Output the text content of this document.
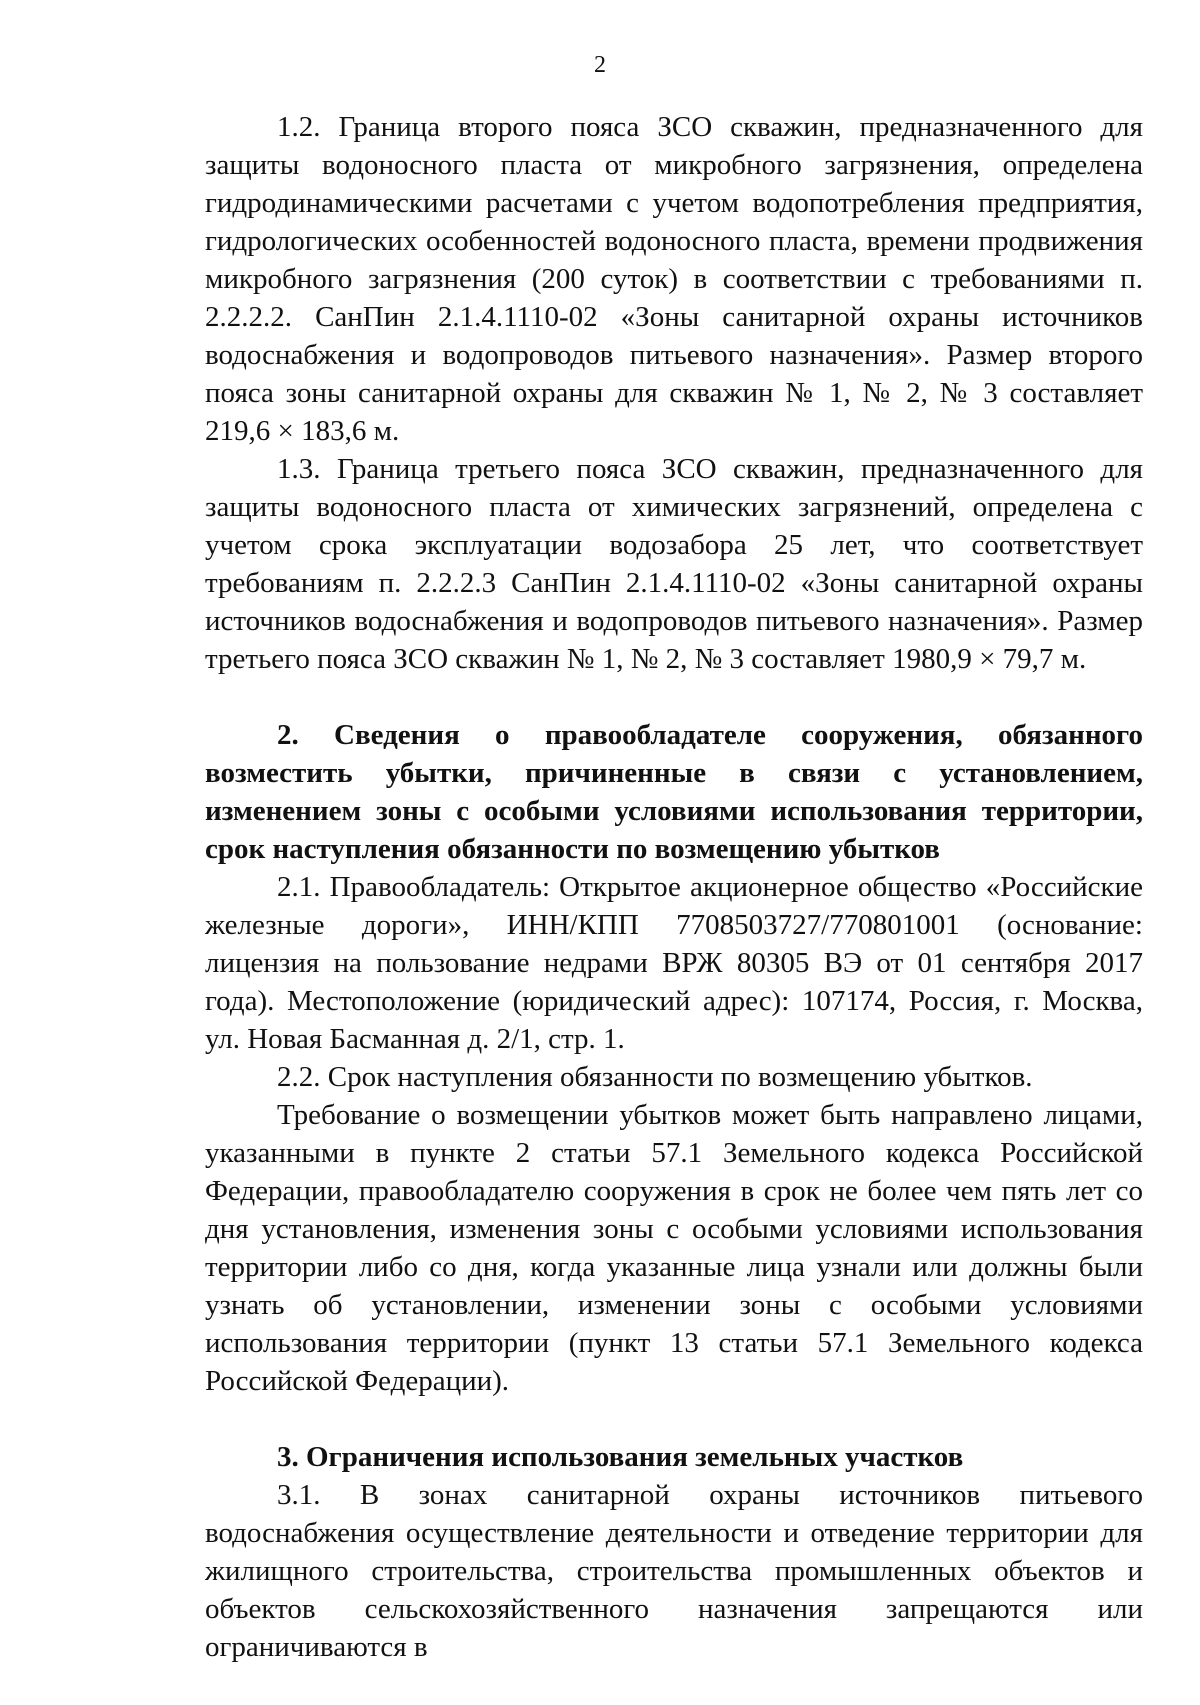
2

1.2. Граница второго пояса ЗСО скважин, предназначенного для защиты водоносного пласта от микробного загрязнения, определена гидродинамическими расчетами с учетом водопотребления предприятия, гидрологических особенностей водоносного пласта, времени продвижения микробного загрязнения (200 суток) в соответствии с требованиями п. 2.2.2.2. СанПин 2.1.4.1110-02 «Зоны санитарной охраны источников водоснабжения и водопроводов питьевого назначения». Размер второго пояса зоны санитарной охраны для скважин № 1, № 2, № 3 составляет 219,6 × 183,6 м.

1.3. Граница третьего пояса ЗСО скважин, предназначенного для защиты водоносного пласта от химических загрязнений, определена с учетом срока эксплуатации водозабора 25 лет, что соответствует требованиям п. 2.2.2.3 СанПин 2.1.4.1110-02 «Зоны санитарной охраны источников водоснабжения и водопроводов питьевого назначения». Размер третьего пояса ЗСО скважин № 1, № 2, № 3 составляет 1980,9 × 79,7 м.

2. Сведения о правообладателе сооружения, обязанного возместить убытки, причиненные в связи с установлением, изменением зоны с особыми условиями использования территории, срок наступления обязанности по возмещению убытков

2.1. Правообладатель: Открытое акционерное общество «Российские железные дороги», ИНН/КПП 7708503727/770801001 (основание: лицензия на пользование недрами ВРЖ 80305 ВЭ от 01 сентября 2017 года). Местоположение (юридический адрес): 107174, Россия, г. Москва, ул. Новая Басманная д. 2/1, стр. 1.

2.2. Срок наступления обязанности по возмещению убытков.

Требование о возмещении убытков может быть направлено лицами, указанными в пункте 2 статьи 57.1 Земельного кодекса Российской Федерации, правообладателю сооружения в срок не более чем пять лет со дня установления, изменения зоны с особыми условиями использования территории либо со дня, когда указанные лица узнали или должны были узнать об установлении, изменении зоны с особыми условиями использования территории (пункт 13 статьи 57.1 Земельного кодекса Российской Федерации).

3. Ограничения использования земельных участков

3.1. В зонах санитарной охраны источников питьевого водоснабжения осуществление деятельности и отведение территории для жилищного строительства, строительства промышленных объектов и объектов сельскохозяйственного назначения запрещаются или ограничиваются в
